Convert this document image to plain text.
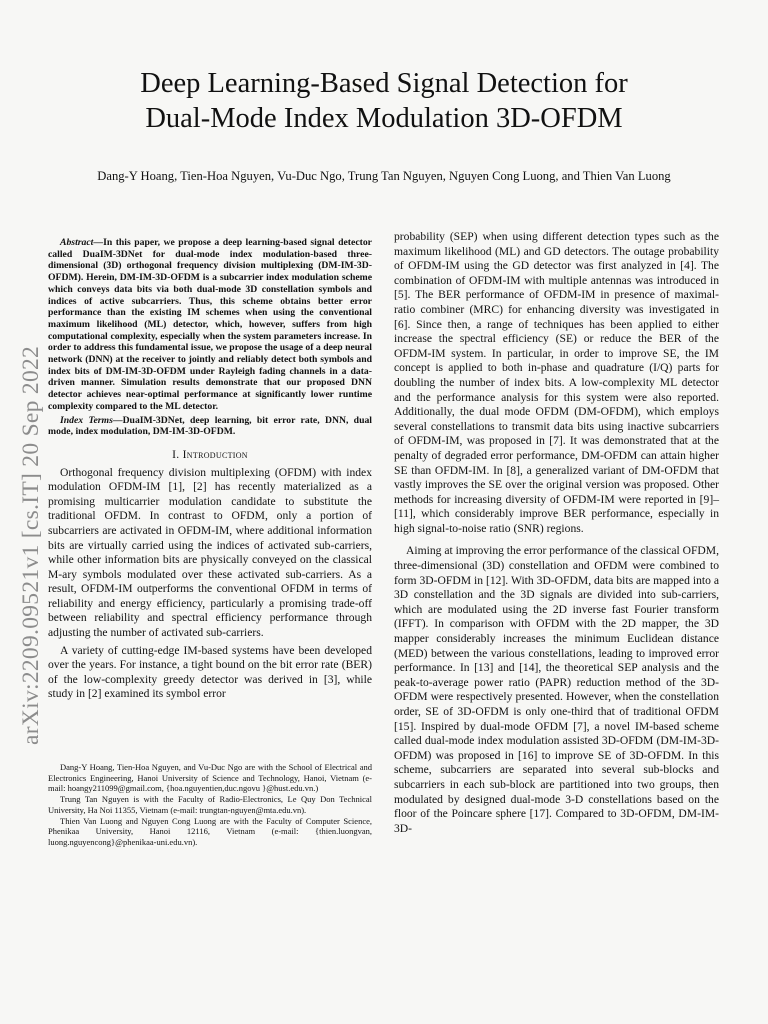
arXiv:2209.09521v1 [cs.IT] 20 Sep 2022
Deep Learning-Based Signal Detection for
Dual-Mode Index Modulation 3D-OFDM
Dang-Y Hoang, Tien-Hoa Nguyen, Vu-Duc Ngo, Trung Tan Nguyen, Nguyen Cong Luong, and Thien Van Luong

Abstract—In this paper, we propose a deep learning-based signal detector called DuaIM-3DNet for dual-mode index modulation-based three-dimensional (3D) orthogonal frequency division multiplexing (DM-IM-3D-OFDM). Herein, DM-IM-3D-OFDM is a subcarrier index modulation scheme which conveys data bits via both dual-mode 3D constellation symbols and indices of active subcarriers. Thus, this scheme obtains better error performance than the existing IM schemes when using the conventional maximum likelihood (ML) detector, which, however, suffers from high computational complexity, especially when the system parameters increase. In order to address this fundamental issue, we propose the usage of a deep neural network (DNN) at the receiver to jointly and reliably detect both symbols and index bits of DM-IM-3D-OFDM under Rayleigh fading channels in a data-driven manner. Simulation results demonstrate that our proposed DNN detector achieves near-optimal performance at significantly lower runtime complexity compared to the ML detector.

Index Terms—DuaIM-3DNet, deep learning, bit error rate, DNN, dual mode, index modulation, DM-IM-3D-OFDM.

I. Introduction

Orthogonal frequency division multiplexing (OFDM) with index modulation OFDM-IM [1], [2] has recently materialized as a promising multicarrier modulation candidate to substitute the traditional OFDM. In contrast to OFDM, only a portion of subcarriers are activated in OFDM-IM, where additional information bits are virtually carried using the indices of activated sub-carriers, while other information bits are physically conveyed on the classical M-ary symbols modulated over these activated sub-carriers. As a result, OFDM-IM outperforms the conventional OFDM in terms of reliability and energy efficiency, particularly a promising trade-off between reliability and spectral efficiency performance through adjusting the number of activated sub-carriers.

A variety of cutting-edge IM-based systems have been developed over the years. For instance, a tight bound on the bit error rate (BER) of the low-complexity greedy detector was derived in [3], while study in [2] examined its symbol error

Dang-Y Hoang, Tien-Hoa Nguyen, and Vu-Duc Ngo are with the School of Electrical and Electronics Engineering, Hanoi University of Science and Technology, Hanoi, Vietnam (e-mail: hoangy211099@gmail.com, {hoa.nguyentien,duc.ngovu }@hust.edu.vn.)

Trung Tan Nguyen is with the Faculty of Radio-Electronics, Le Quy Don Technical University, Ha Noi 11355, Vietnam (e-mail: trungtan-nguyen@mta.edu.vn).

Thien Van Luong and Nguyen Cong Luong are with the Faculty of Computer Science, Phenikaa University, Hanoi 12116, Vietnam (e-mail: {thien.luongvan, luong.nguyencong}@phenikaa-uni.edu.vn).

probability (SEP) when using different detection types such as the maximum likelihood (ML) and GD detectors. The outage probability of OFDM-IM using the GD detector was first analyzed in [4]. The combination of OFDM-IM with multiple antennas was introduced in [5]. The BER performance of OFDM-IM in presence of maximal-ratio combiner (MRC) for enhancing diversity was investigated in [6]. Since then, a range of techniques has been applied to either increase the spectral efficiency (SE) or reduce the BER of the OFDM-IM system. In particular, in order to improve SE, the IM concept is applied to both in-phase and quadrature (I/Q) parts for doubling the number of index bits. A low-complexity ML detector and the performance analysis for this system were also reported. Additionally, the dual mode OFDM (DM-OFDM), which employs several constellations to transmit data bits using inactive subcarriers of OFDM-IM, was proposed in [7]. It was demonstrated that at the penalty of degraded error performance, DM-OFDM can attain higher SE than OFDM-IM. In [8], a generalized variant of DM-OFDM that vastly improves the SE over the original version was proposed. Other methods for increasing diversity of OFDM-IM were reported in [9]–[11], which considerably improve BER performance, especially in high signal-to-noise ratio (SNR) regions.

Aiming at improving the error performance of the classical OFDM, three-dimensional (3D) constellation and OFDM were combined to form 3D-OFDM in [12]. With 3D-OFDM, data bits are mapped into a 3D constellation and the 3D signals are divided into sub-carriers, which are modulated using the 2D inverse fast Fourier transform (IFFT). In comparison with OFDM with the 2D mapper, the 3D mapper considerably increases the minimum Euclidean distance (MED) between the various constellations, leading to improved error performance. In [13] and [14], the theoretical SEP analysis and the peak-to-average power ratio (PAPR) reduction method of the 3D-OFDM were respectively presented. However, when the constellation order, SE of 3D-OFDM is only one-third that of traditional OFDM [15]. Inspired by dual-mode OFDM [7], a novel IM-based scheme called dual-mode index modulation assisted 3D-OFDM (DM-IM-3D-OFDM) was proposed in [16] to improve SE of 3D-OFDM. In this scheme, subcarriers are separated into several sub-blocks and subcarriers in each sub-block are partitioned into two groups, then modulated by designed dual-mode 3-D constellations based on the floor of the Poincare sphere [17]. Compared to 3D-OFDM, DM-IM-3D-
